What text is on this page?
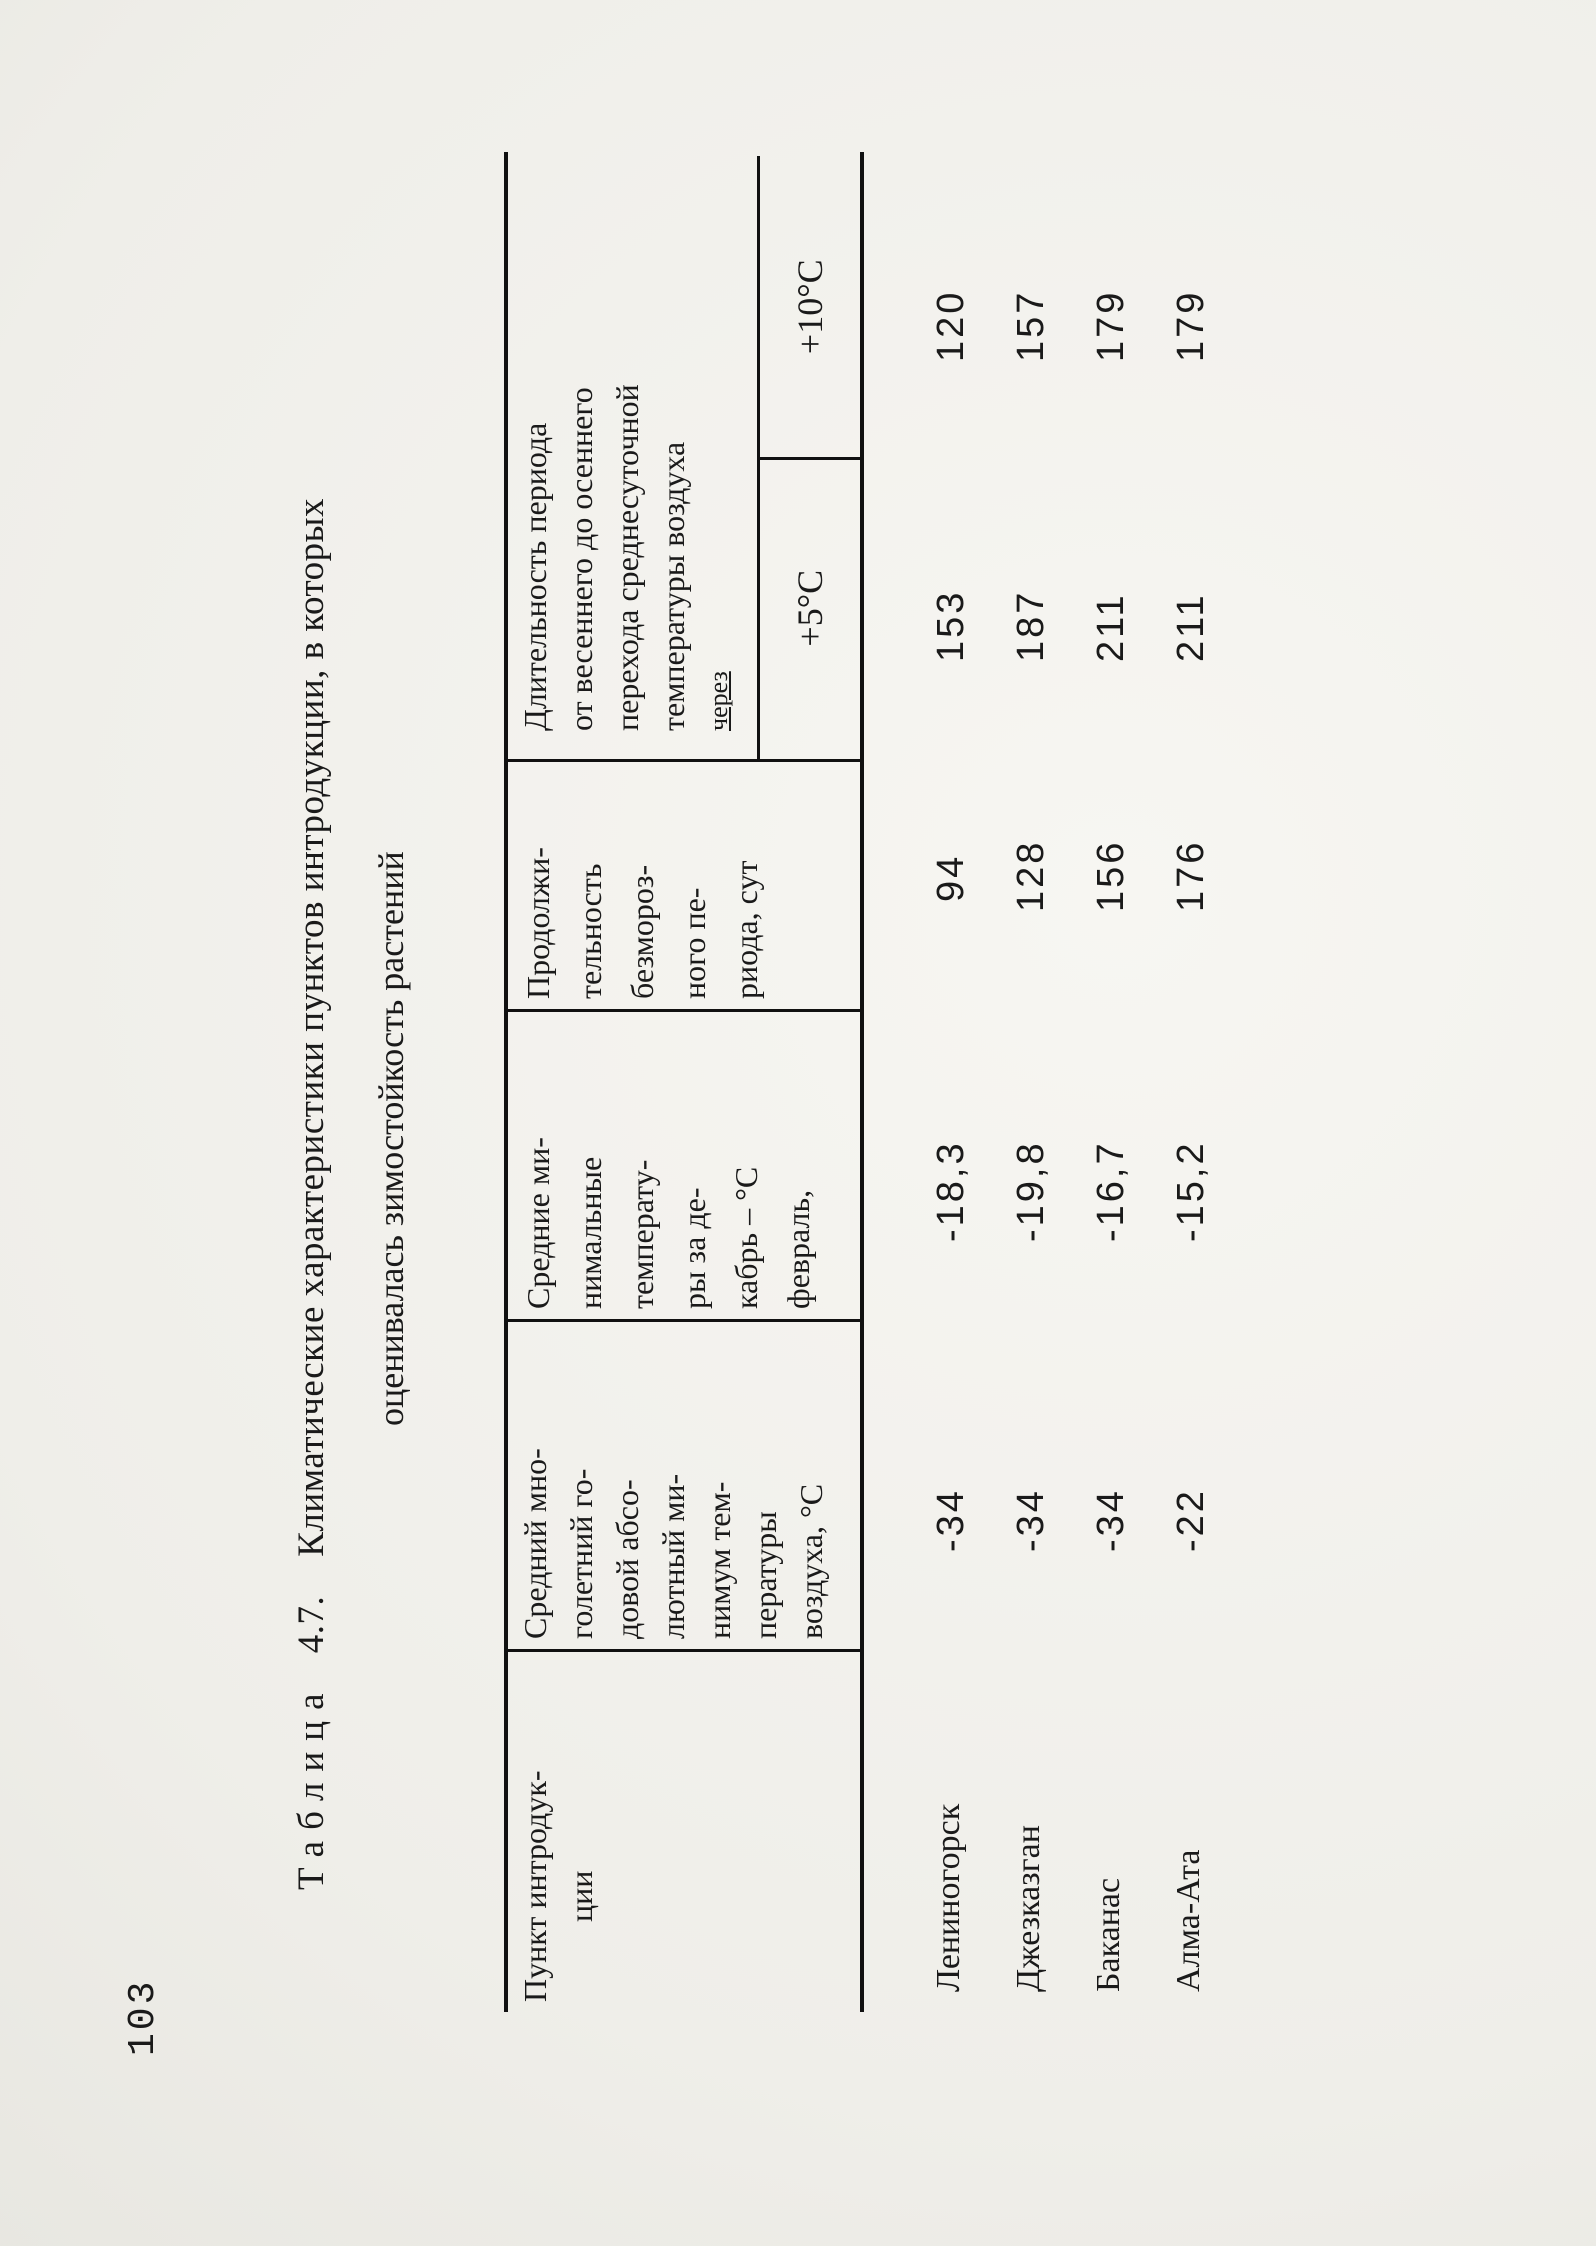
103
Таблица   4.7.    Климатические характеристики пунктов интродукции, в которых оценивалась зимостойкость растений
Пункт интродук- ции
Средний мно- голетний го- довой абсо- лютный ми- нимум тем- пературы воздуха, °С
Средние ми- нимальные температу- ры за де- кабрь – °С февраль,
Продолжи- тельность безмороз- ного пе- риода, сут
Длительность периода от весеннего до осеннего перехода среднесуточной температуры воздуха через
+5°С
+10°С
Лениногорск
-34
-18,3
94
153
120
Джезказган
-34
-19,8
128
187
157
Баканас
-34
-16,7
156
211
179
Алма-Ата
-22
-15,2
176
211
179
